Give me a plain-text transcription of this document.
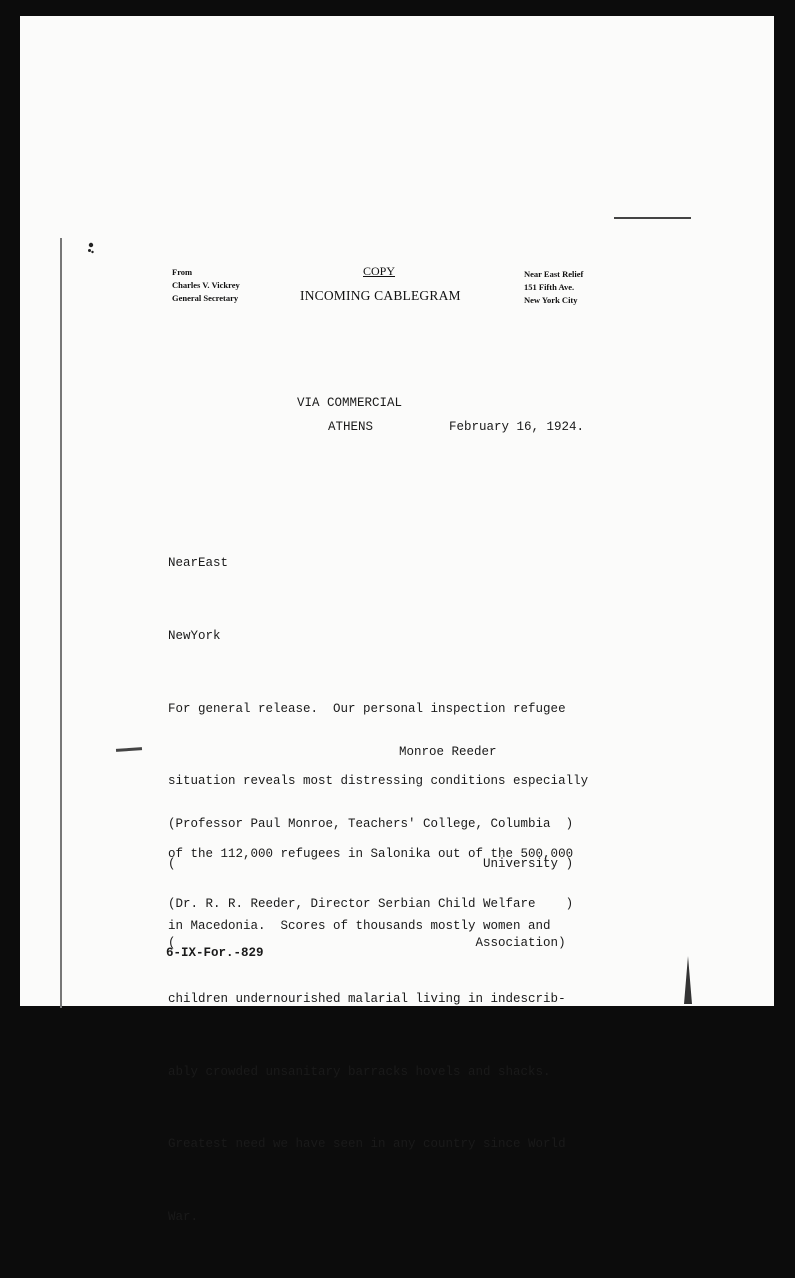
From
Charles V. Vickrey
General Secretary
COPY
INCOMING CABLEGRAM
Near East Relief
151 Fifth Ave.
New York City
VIA COMMERCIAL
ATHENS	February 16, 1924.

NearEast

NewYork

For general release.  Our personal inspection refugee

situation reveals most distressing conditions especially

of the 112,000 refugees in Salonika out of the 500,000

in Macedonia.  Scores of thousands mostly women and

children undernourished malarial living in indescrib-

ably crowded unsanitary barracks hovels and shacks.

Greatest need we have seen in any country since World

War.

Monroe Reeder

(Professor Paul Monroe, Teachers' College, Columbia  )

(                                         University )

(Dr. R. R. Reeder, Director Serbian Child Welfare    )

(                                        Association)

6-IX-For.-829
